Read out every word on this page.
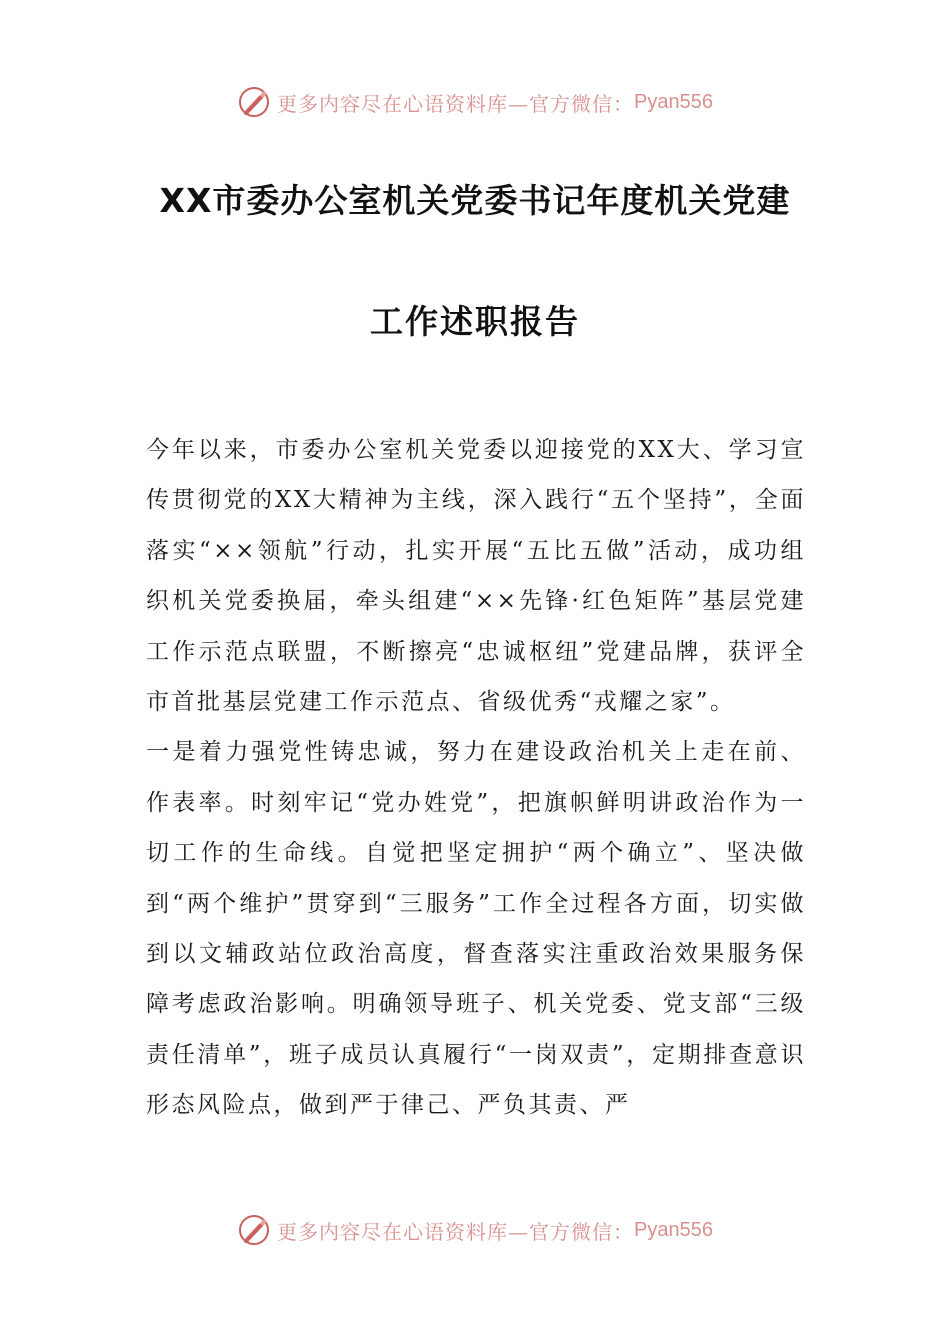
更多内容尽在心语资料库—官方微信： Pyan556
XX市委办公室机关党委书记年度机关党建
工作述职报告

今年以来，市委办公室机关党委以迎接党的XX大、学习宣传贯彻党的XX大精神为主线，深入践行“五个坚持”，全面落实“××领航”行动，扎实开展“五比五做”活动，成功组织机关党委换届，牵头组建“××先锋·红色矩阵”基层党建工作示范点联盟，不断擦亮“忠诚枢纽”党建品牌，获评全市首批基层党建工作示范点、省级优秀“戎耀之家”。

一是着力强党性铸忠诚，努力在建设政治机关上走在前、作表率。时刻牢记“党办姓党”，把旗帜鲜明讲政治作为一切工作的生命线。自觉把坚定拥护“两个确立”、坚决做到“两个维护”贯穿到“三服务”工作全过程各方面，切实做到以文辅政站位政治高度，督查落实注重政治效果服务保障考虑政治影响。明确领导班子、机关党委、党支部“三级责任清单”，班子成员认真履行“一岗双责”，定期排查意识形态风险点，做到严于律己、严负其责、严

更多内容尽在心语资料库—官方微信： Pyan556
